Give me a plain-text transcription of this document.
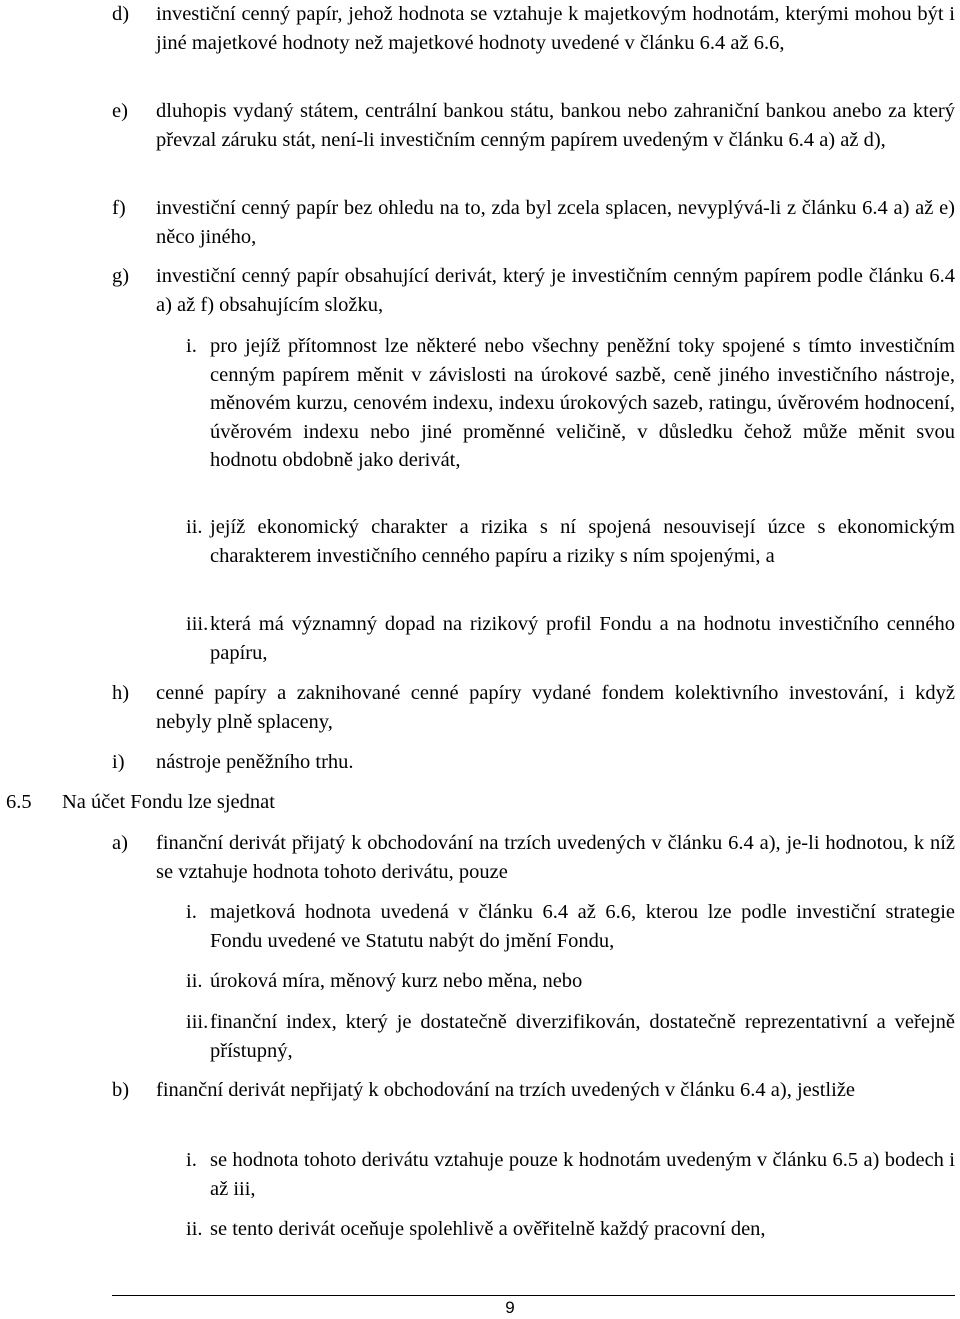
d)	investiční cenný papír, jehož hodnota se vztahuje k majetkovým hodnotám, kterými mohou být i jiné majetkové hodnoty než majetkové hodnoty uvedené v článku 6.4 až 6.6,
e)	dluhopis vydaný státem, centrální bankou státu, bankou nebo zahraniční bankou anebo za který převzal záruku stát, není-li investičním cenným papírem uvedeným v článku 6.4 a) až d),
f)	investiční cenný papír bez ohledu na to, zda byl zcela splacen, nevyplývá-li z článku 6.4 a) až e) něco jiného,
g)	investiční cenný papír obsahující derivát, který je investičním cenným papírem podle článku 6.4 a) až f) obsahujícím složku,
i. pro jejíž přítomnost lze některé nebo všechny peněžní toky spojené s tímto investičním cenným papírem měnit v závislosti na úrokové sazbě, ceně jiného investičního nástroje, měnovém kurzu, cenovém indexu, indexu úrokových sazeb, ratingu, úvěrovém hodnocení, úvěrovém indexu nebo jiné proměnné veličině, v důsledku čehož může měnit svou hodnotu obdobně jako derivát,
ii. jejíž ekonomický charakter a rizika s ní spojená nesouvisejí úzce s ekonomickým charakterem investičního cenného papíru a riziky s ním spojenými, a
iii. která má významný dopad na rizikový profil Fondu a na hodnotu investičního cenného papíru,
h)	cenné papíry a zaknihované cenné papíry vydané fondem kolektivního investování, i když nebyly plně splaceny,
i)	nástroje peněžního trhu.
6.5	Na účet Fondu lze sjednat
a)	finanční derivát přijatý k obchodování na trzích uvedených v článku 6.4 a), je-li hodnotou, k níž se vztahuje hodnota tohoto derivátu, pouze
i. majetková hodnota uvedená v článku 6.4 až 6.6, kterou lze podle investiční strategie Fondu uvedené ve Statutu nabýt do jmění Fondu,
ii. úroková míra, měnový kurz nebo měna, nebo
iii. finanční index, který je dostatečně diverzifikován, dostatečně reprezentativní a veřejně přístupný,
b)	finanční derivát nepřijatý k obchodování na trzích uvedených v článku 6.4 a), jestliže
i. se hodnota tohoto derivátu vztahuje pouze k hodnotám uvedeným v článku 6.5 a) bodech i až iii,
ii. se tento derivát oceňuje spolehlivě a ověřitelně každý pracovní den,
9
